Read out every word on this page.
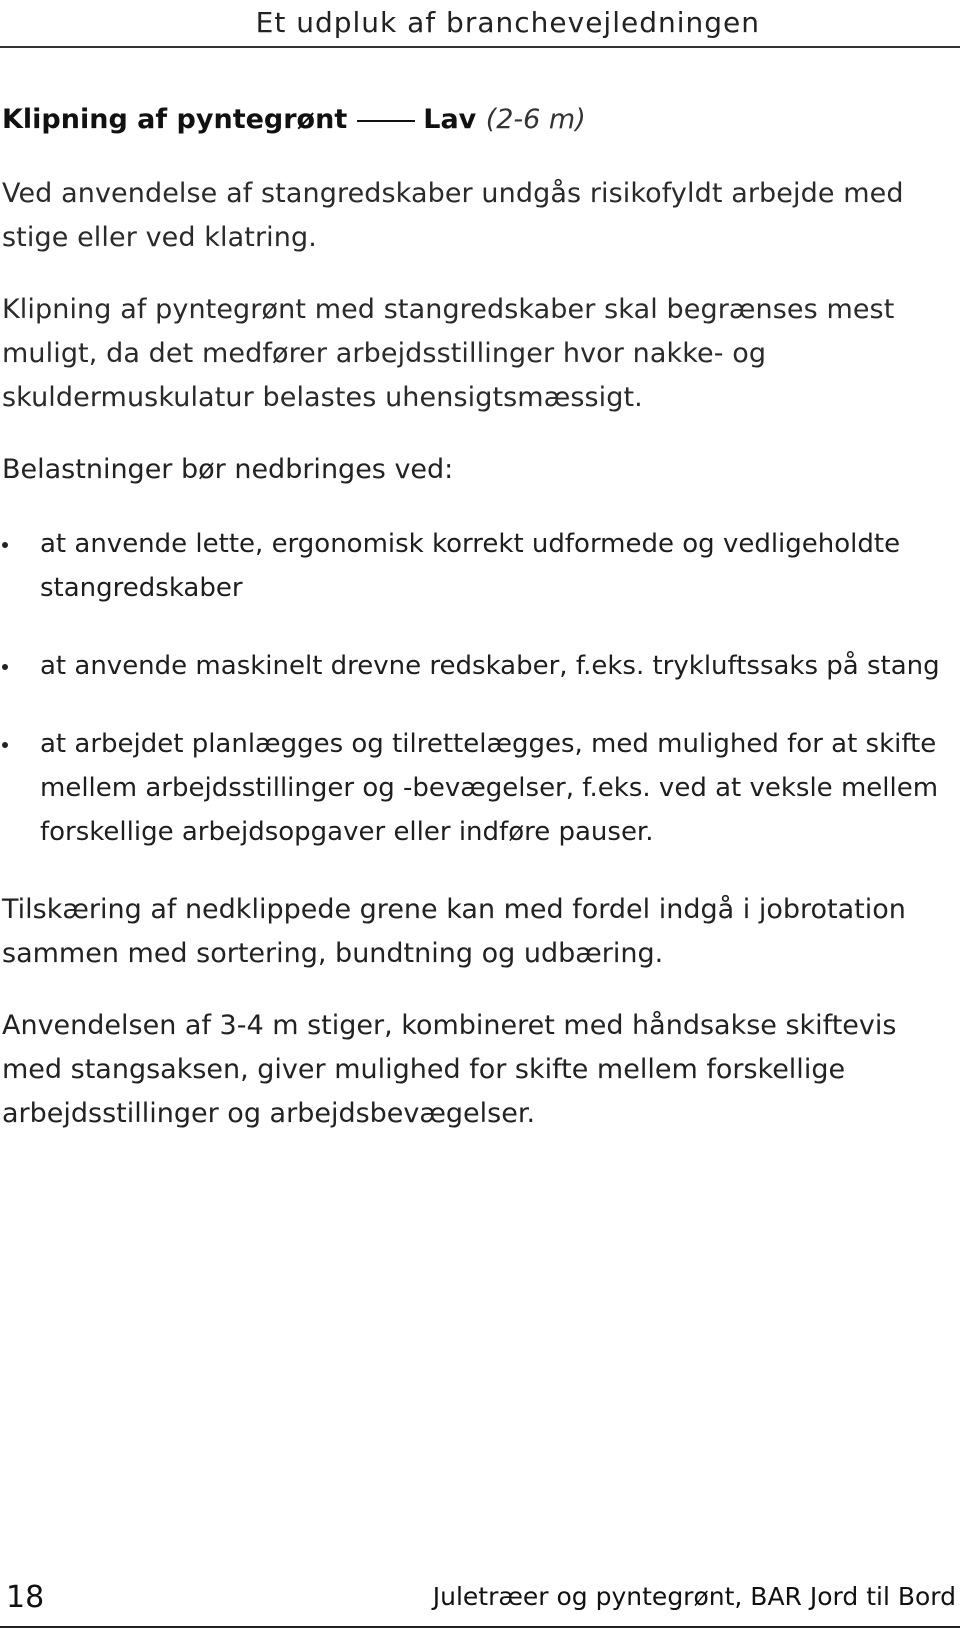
Et udpluk af branchevejledningen
Klipning af pyntegrønt	Lav (2-6 m)

Ved anvendelse af stangredskaber undgås risikofyldt arbejde med stige eller ved klatring.

Klipning af pyntegrønt med stangredskaber skal begrænses mest muligt, da det medfører arbejdsstillinger hvor nakke- og skuldermuskulatur belastes uhensigtsmæssigt.

Belastninger bør nedbringes ved:

at anvende lette, ergonomisk korrekt udformede og vedligeholdte stangredskaber
at anvende maskinelt drevne redskaber, f.eks. trykluftssaks på stang
at arbejdet planlægges og tilrettelægges, med mulighed for at skifte mellem arbejdsstillinger og -bevægelser, f.eks. ved at veksle mellem forskellige arbejdsopgaver eller indføre pauser.

Tilskæring af nedklippede grene kan med fordel indgå i jobrotation sammen med sortering, bundtning og udbæring.

Anvendelsen af 3-4 m stiger, kombineret med håndsakse skiftevis med stangsaksen, giver mulighed for skifte mellem forskellige arbejdsstillinger og arbejdsbevægelser.

18	Juletræer og pyntegrønt, BAR Jord til Bord
